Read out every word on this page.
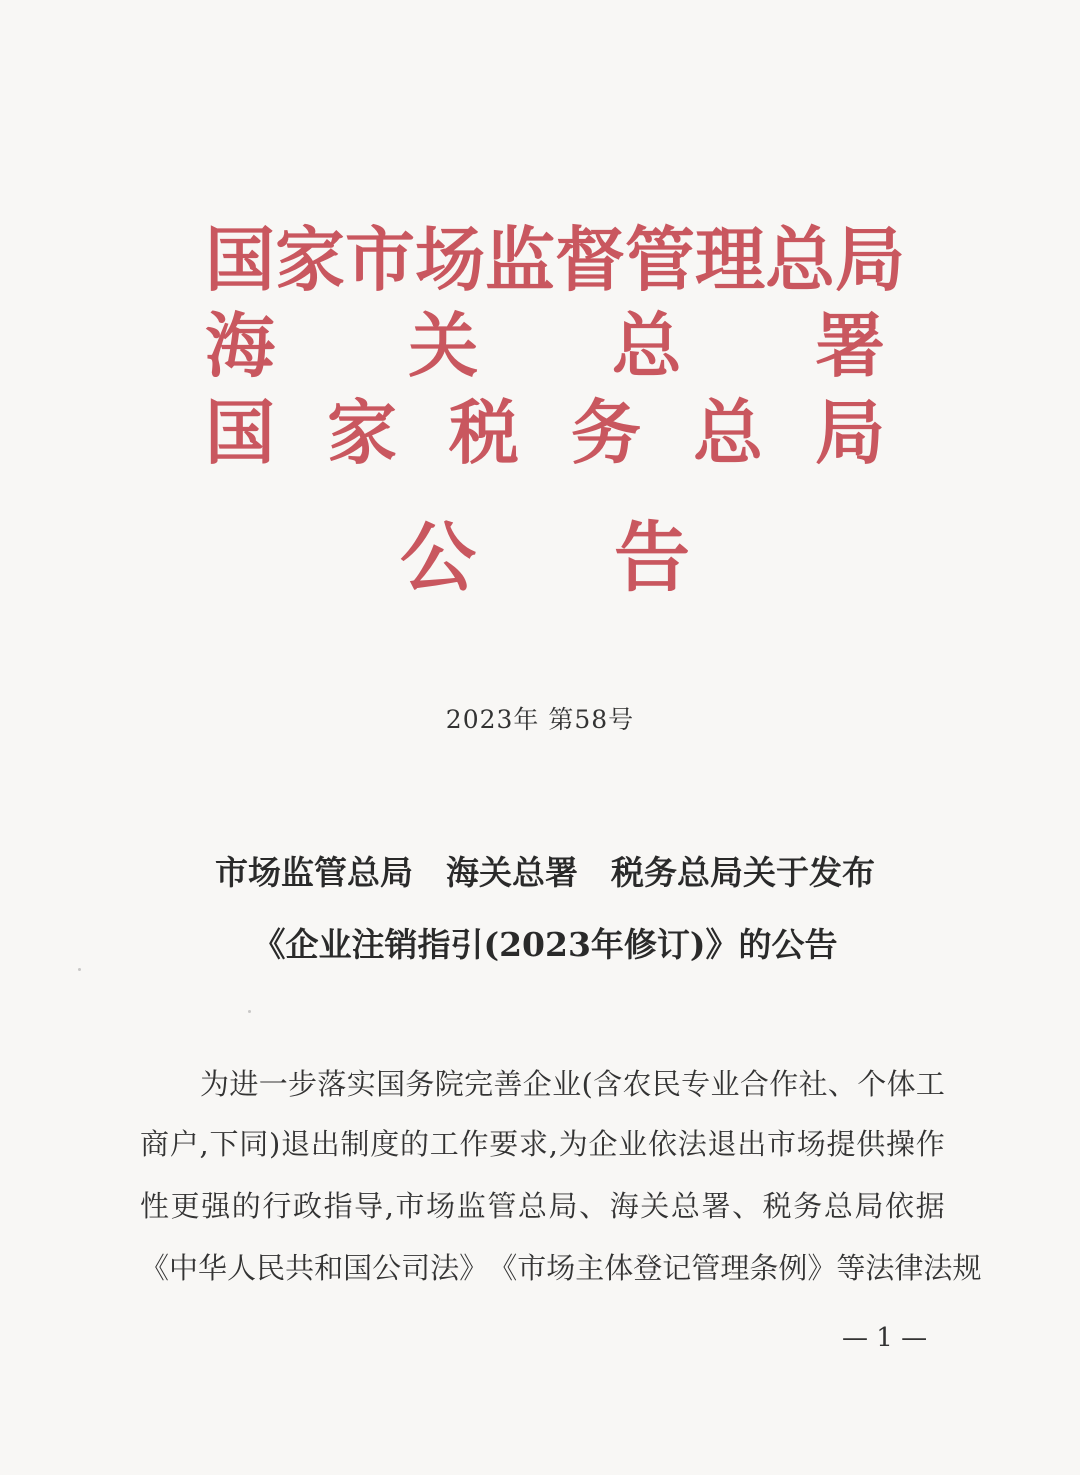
国 家 市 场 监 督 管 理 总 局
海 关 总 署
国 家 税 务 总 局
公 告
2023年 第58号
市场监管总局　海关总署　税务总局关于发布
《企业注销指引(2023年修订)》的公告
为 进 一 步 落 实 国 务 院 完 善 企 业 ( 含 农 民 专 业 合 作 社 、 个 体 工
商 户 , 下 同 ) 退 出 制 度 的 工 作 要 求 , 为 企 业 依 法 退 出 市 场 提 供 操 作
性 更 强 的 行 政 指 导 , 市 场 监 管 总 局 、 海 关 总 署 、 税 务 总 局 依 据
《 中 华 人 民 共 和 国 公 司 法 》 《 市 场 主 体 登 记 管 理 条 例 》 等 法 律 法 规
— 1 —
